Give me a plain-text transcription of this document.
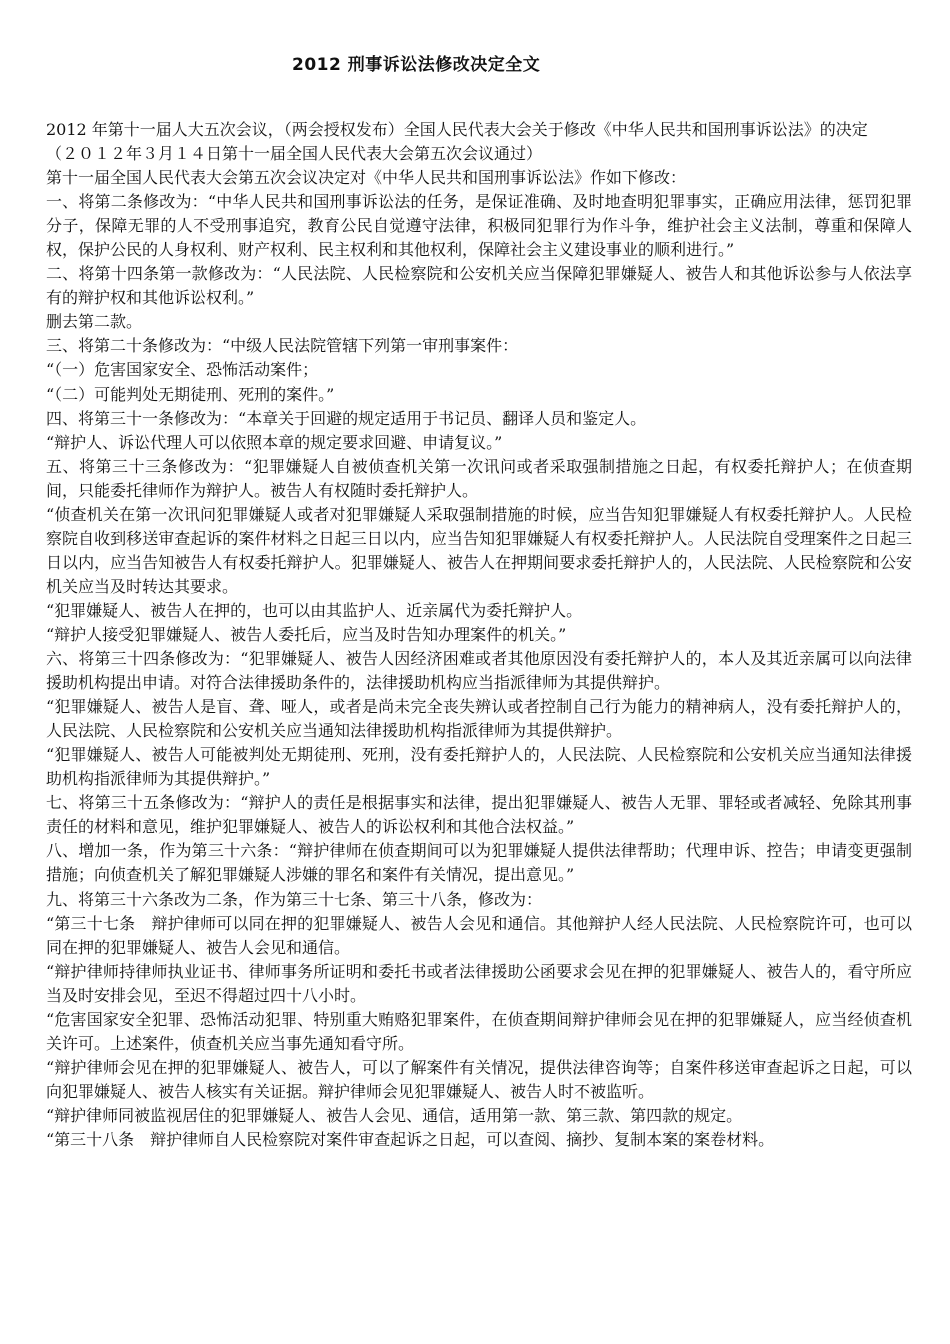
2012 刑事诉讼法修改决定全文

2012 年第十一届人大五次会议，（两会授权发布）全国人民代表大会关于修改《中华人民共和国刑事诉讼法》的决定

（２０１２年３月１４日第十一届全国人民代表大会第五次会议通过）

第十一届全国人民代表大会第五次会议决定对《中华人民共和国刑事诉讼法》作如下修改：

一、将第二条修改为：“中华人民共和国刑事诉讼法的任务，是保证准确、及时地查明犯罪事实，正确应用法律，惩罚犯罪分子，保障无罪的人不受刑事追究，教育公民自觉遵守法律，积极同犯罪行为作斗争，维护社会主义法制，尊重和保障人权，保护公民的人身权利、财产权利、民主权利和其他权利，保障社会主义建设事业的顺利进行。”

二、将第十四条第一款修改为：“人民法院、人民检察院和公安机关应当保障犯罪嫌疑人、被告人和其他诉讼参与人依法享有的辩护权和其他诉讼权利。”

删去第二款。

三、将第二十条修改为：“中级人民法院管辖下列第一审刑事案件：

“（一）危害国家安全、恐怖活动案件；

“（二）可能判处无期徒刑、死刑的案件。”

四、将第三十一条修改为：“本章关于回避的规定适用于书记员、翻译人员和鉴定人。

“辩护人、诉讼代理人可以依照本章的规定要求回避、申请复议。”

五、将第三十三条修改为：“犯罪嫌疑人自被侦查机关第一次讯问或者采取强制措施之日起，有权委托辩护人；在侦查期间，只能委托律师作为辩护人。被告人有权随时委托辩护人。

“侦查机关在第一次讯问犯罪嫌疑人或者对犯罪嫌疑人采取强制措施的时候，应当告知犯罪嫌疑人有权委托辩护人。人民检察院自收到移送审查起诉的案件材料之日起三日以内，应当告知犯罪嫌疑人有权委托辩护人。人民法院自受理案件之日起三日以内，应当告知被告人有权委托辩护人。犯罪嫌疑人、被告人在押期间要求委托辩护人的，人民法院、人民检察院和公安机关应当及时转达其要求。

“犯罪嫌疑人、被告人在押的，也可以由其监护人、近亲属代为委托辩护人。

“辩护人接受犯罪嫌疑人、被告人委托后，应当及时告知办理案件的机关。”

六、将第三十四条修改为：“犯罪嫌疑人、被告人因经济困难或者其他原因没有委托辩护人的，本人及其近亲属可以向法律援助机构提出申请。对符合法律援助条件的，法律援助机构应当指派律师为其提供辩护。

“犯罪嫌疑人、被告人是盲、聋、哑人，或者是尚未完全丧失辨认或者控制自己行为能力的精神病人，没有委托辩护人的，人民法院、人民检察院和公安机关应当通知法律援助机构指派律师为其提供辩护。

“犯罪嫌疑人、被告人可能被判处无期徒刑、死刑，没有委托辩护人的，人民法院、人民检察院和公安机关应当通知法律援助机构指派律师为其提供辩护。”

七、将第三十五条修改为：“辩护人的责任是根据事实和法律，提出犯罪嫌疑人、被告人无罪、罪轻或者减轻、免除其刑事责任的材料和意见，维护犯罪嫌疑人、被告人的诉讼权利和其他合法权益。”

八、增加一条，作为第三十六条：“辩护律师在侦查期间可以为犯罪嫌疑人提供法律帮助；代理申诉、控告；申请变更强制措施；向侦查机关了解犯罪嫌疑人涉嫌的罪名和案件有关情况，提出意见。”

九、将第三十六条改为二条，作为第三十七条、第三十八条，修改为：

“第三十七条　辩护律师可以同在押的犯罪嫌疑人、被告人会见和通信。其他辩护人经人民法院、人民检察院许可，也可以同在押的犯罪嫌疑人、被告人会见和通信。

“辩护律师持律师执业证书、律师事务所证明和委托书或者法律援助公函要求会见在押的犯罪嫌疑人、被告人的，看守所应当及时安排会见，至迟不得超过四十八小时。

“危害国家安全犯罪、恐怖活动犯罪、特别重大贿赂犯罪案件，在侦查期间辩护律师会见在押的犯罪嫌疑人，应当经侦查机关许可。上述案件，侦查机关应当事先通知看守所。

“辩护律师会见在押的犯罪嫌疑人、被告人，可以了解案件有关情况，提供法律咨询等；自案件移送审查起诉之日起，可以向犯罪嫌疑人、被告人核实有关证据。辩护律师会见犯罪嫌疑人、被告人时不被监听。

“辩护律师同被监视居住的犯罪嫌疑人、被告人会见、通信，适用第一款、第三款、第四款的规定。

“第三十八条　辩护律师自人民检察院对案件审查起诉之日起，可以查阅、摘抄、复制本案的案卷材料。
